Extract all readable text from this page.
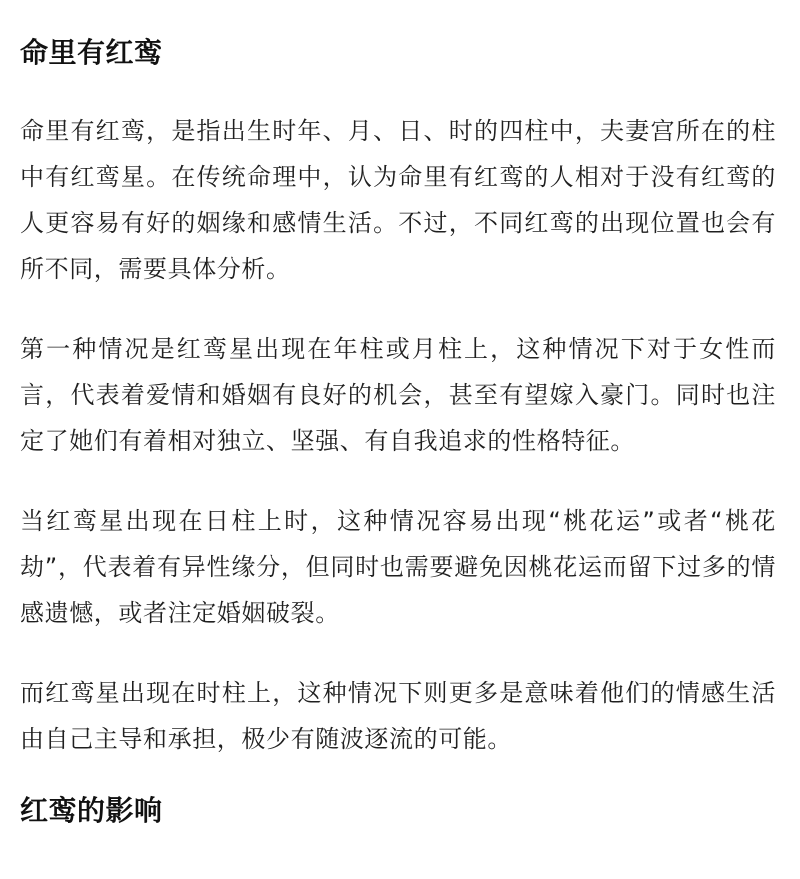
命里有红鸾

命里有红鸾，是指出生时年、月、日、时的四柱中，夫妻宫所在的柱中有红鸾星。在传统命理中，认为命里有红鸾的人相对于没有红鸾的人更容易有好的姻缘和感情生活。不过，不同红鸾的出现位置也会有所不同，需要具体分析。

第一种情况是红鸾星出现在年柱或月柱上，这种情况下对于女性而言，代表着爱情和婚姻有良好的机会，甚至有望嫁入豪门。同时也注定了她们有着相对独立、坚强、有自我追求的性格特征。

当红鸾星出现在日柱上时，这种情况容易出现“桃花运”或者“桃花劫”，代表着有异性缘分，但同时也需要避免因桃花运而留下过多的情感遗憾，或者注定婚姻破裂。

而红鸾星出现在时柱上，这种情况下则更多是意味着他们的情感生活由自己主导和承担，极少有随波逐流的可能。

红鸾的影响
